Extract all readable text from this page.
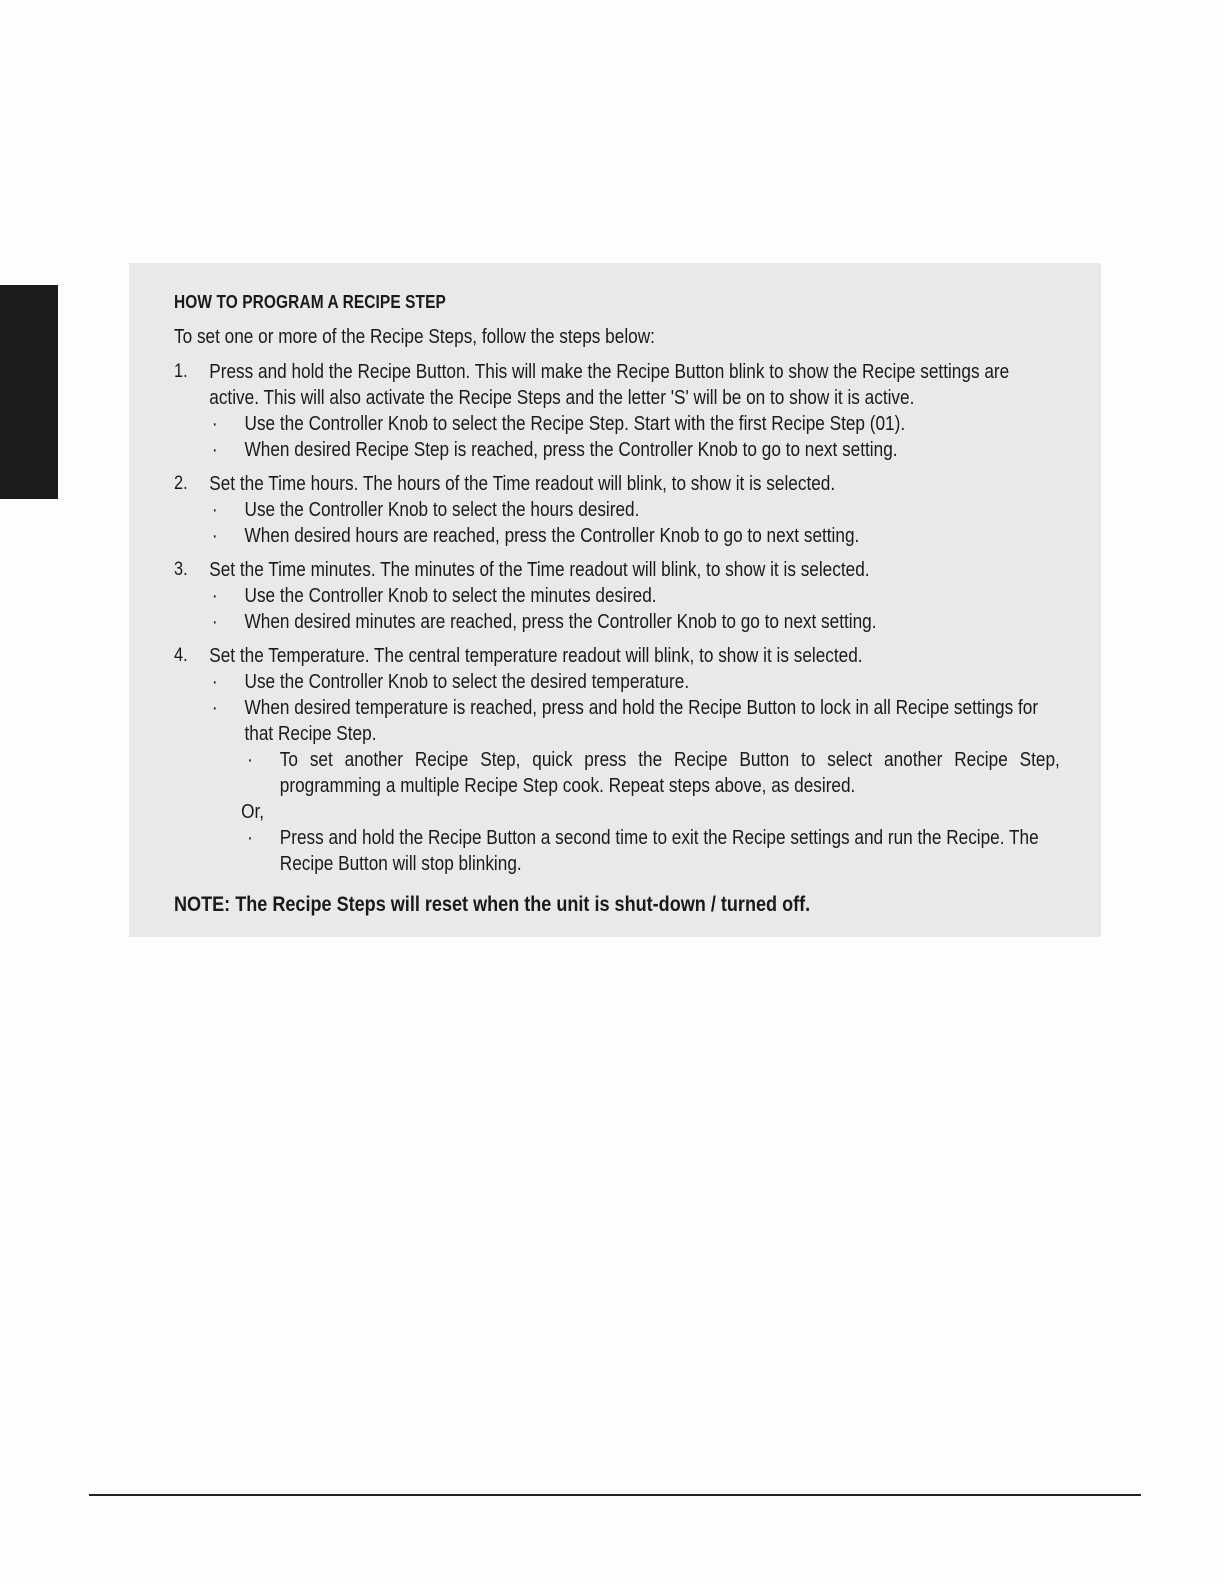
HOW TO PROGRAM A RECIPE STEP
To set one or more of the Recipe Steps, follow the steps below:
1. Press and hold the Recipe Button. This will make the Recipe Button blink to show the Recipe settings are active. This will also activate the Recipe Steps and the letter 'S' will be on to show it is active.
· Use the Controller Knob to select the Recipe Step. Start with the first Recipe Step (01).
· When desired Recipe Step is reached, press the Controller Knob to go to next setting.
2. Set the Time hours. The hours of the Time readout will blink, to show it is selected.
· Use the Controller Knob to select the hours desired.
· When desired hours are reached, press the Controller Knob to go to next setting.
3. Set the Time minutes. The minutes of the Time readout will blink, to show it is selected.
· Use the Controller Knob to select the minutes desired.
· When desired minutes are reached, press the Controller Knob to go to next setting.
4. Set the Temperature. The central temperature readout will blink, to show it is selected.
· Use the Controller Knob to select the desired temperature.
· When desired temperature is reached, press and hold the Recipe Button to lock in all Recipe settings for that Recipe Step.
· To set another Recipe Step, quick press the Recipe Button to select another Recipe Step, programming a multiple Recipe Step cook. Repeat steps above, as desired.
Or,
· Press and hold the Recipe Button a second time to exit the Recipe settings and run the Recipe. The Recipe Button will stop blinking.
NOTE: The Recipe Steps will reset when the unit is shut-down / turned off.
